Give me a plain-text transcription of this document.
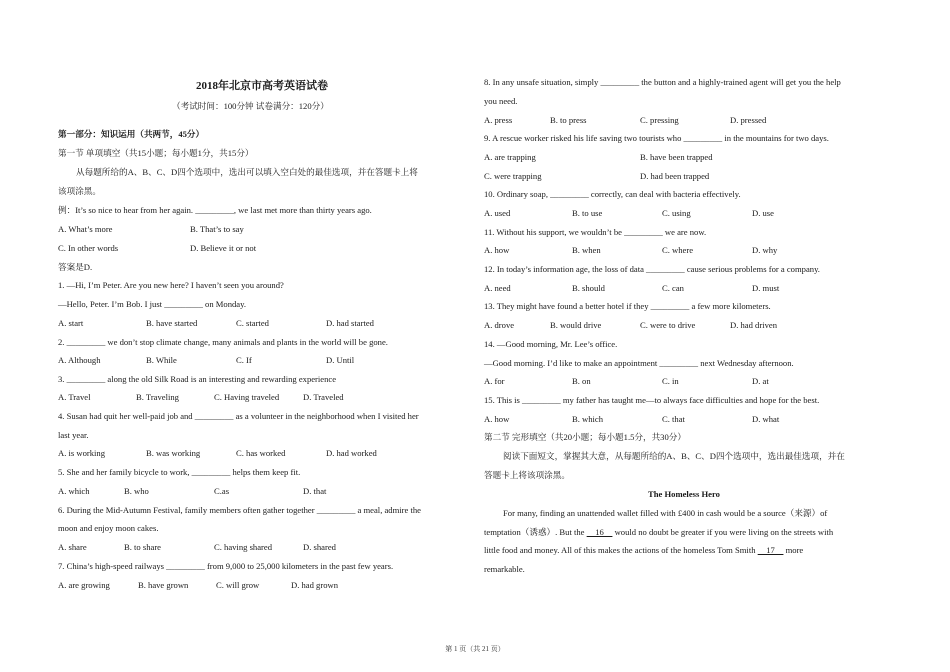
2018年北京市高考英语试卷
（考试时间：100分钟 试卷满分：120分）
第一部分：知识运用（共两节，45分）
第一节 单项填空（共15小题；每小题1分，共15分）
从每题所给的A、B、C、D四个选项中，选出可以填入空白处的最佳选项，并在答题卡上将
该项涂黑。
例：It’s so nice to hear from her again. _________, we last met more than thirty years ago.
A. What’s more	B. That’s to say
C. In other words	D. Believe it or not
答案是D.
1. —Hi, I’m Peter. Are you new here? I haven’t seen you around?
—Hello, Peter. I’m Bob. I just _________ on Monday.
A. start	B. have started	C. started	D. had started
2. _________ we don’t stop climate change, many animals and plants in the world will be gone.
A. Although	B. While	C. If	D. Until
3. _________ along the old Silk Road is an interesting and rewarding experience
A. Travel	B. Traveling	C. Having traveled	D. Traveled
4. Susan had quit her well-paid job and _________ as a volunteer in the neighborhood when I visited her
last year.
A. is working	B. was working	C. has worked	D. had worked
5. She and her family bicycle to work, _________ helps them keep fit.
A. which	B. who	C.as	D. that
6. During the Mid-Autumn Festival, family members often gather together _________ a meal, admire the
moon and enjoy moon cakes.
A. share	B. to share	C. having shared	D. shared
7. China’s high-speed railways _________ from 9,000 to 25,000 kilometers in the past few years.
A. are growing	B. have grown	C. will grow	D. had grown
8. In any unsafe situation, simply _________ the button and a highly-trained agent will get you the help
you need.
A. press	B. to press	C. pressing	D. pressed
9. A rescue worker risked his life saving two tourists who _________ in the mountains for two days.
A. are trapping	B. have been trapped
C. were trapping	D. had been trapped
10. Ordinary soap, _________ correctly, can deal with bacteria effectively.
A. used	B. to use	C. using	D. use
11. Without his support, we wouldn’t be _________ we are now.
A. how	B. when	C. where	D. why
12. In today’s information age, the loss of data _________ cause serious problems for a company.
A. need	B. should	C. can	D. must
13. They might have found a better hotel if they _________ a few more kilometers.
A. drove	B. would drive	C. were to drive	D. had driven
14. —Good morning, Mr. Lee’s office.
—Good morning. I’d like to make an appointment _________ next Wednesday afternoon.
A. for	B. on	C. in	D. at
15. This is _________ my father has taught me—to always face difficulties and hope for the best.
A. how	B. which	C. that	D. what
第二节 完形填空（共20小题；每小题1.5分，共30分）
阅读下面短文，掌握其大意，从每题所给的A、B、C、D四个选项中，选出最佳选项，并在
答题卡上将该项涂黑。
The Homeless Hero
For many, finding an unattended wallet filled with £400 in cash would be a source（来源）of
temptation（诱惑）. But the     16     would no doubt be greater if you were living on the streets with
little food and money. All of this makes the actions of the homeless Tom Smith     17     more
remarkable.
第 1 页（共 21 页）
